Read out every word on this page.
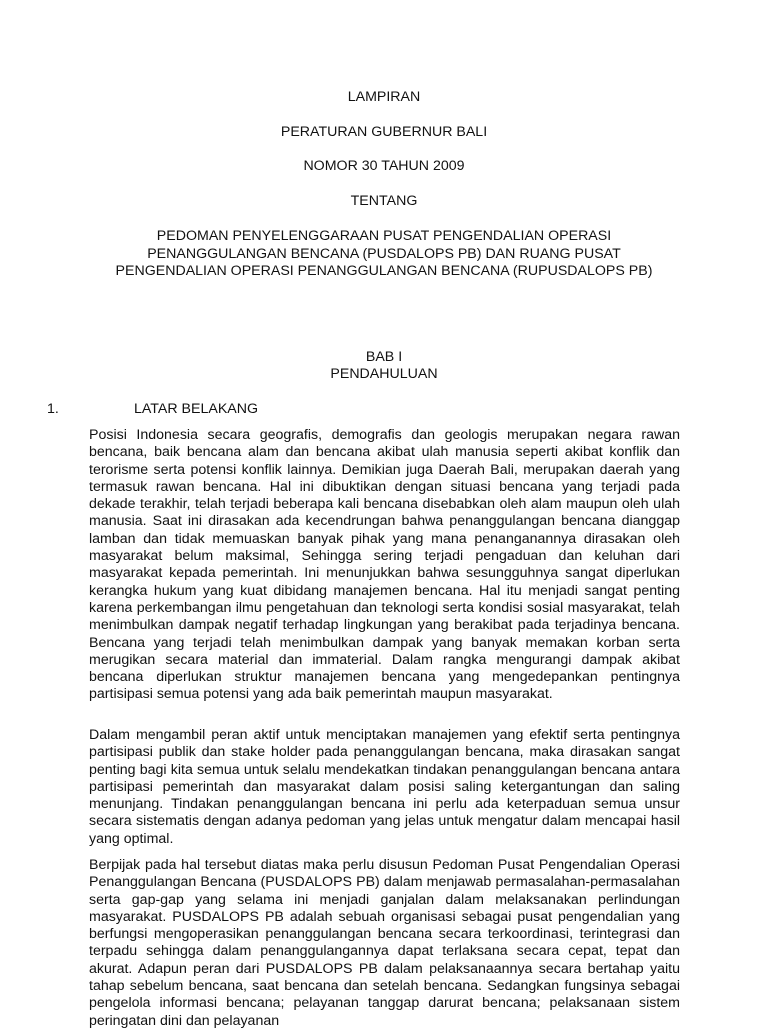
LAMPIRAN
PERATURAN GUBERNUR BALI
NOMOR 30 TAHUN 2009
TENTANG
PEDOMAN PENYELENGGARAAN PUSAT PENGENDALIAN OPERASI
PENANGGULANGAN BENCANA (PUSDALOPS PB) DAN RUANG PUSAT
PENGENDALIAN OPERASI PENANGGULANGAN BENCANA (RUPUSDALOPS PB)
BAB I
PENDAHULUAN
1.	LATAR BELAKANG

Posisi Indonesia secara geografis, demografis dan geologis merupakan negara rawan bencana, baik bencana alam dan bencana akibat ulah manusia seperti akibat konflik dan terorisme serta potensi konflik lainnya. Demikian juga Daerah Bali, merupakan daerah yang termasuk rawan bencana. Hal ini dibuktikan dengan situasi bencana yang terjadi pada dekade terakhir, telah terjadi beberapa kali bencana disebabkan oleh alam maupun oleh ulah manusia. Saat ini dirasakan ada kecendrungan bahwa penanggulangan bencana dianggap lamban dan tidak memuaskan banyak pihak yang mana penanganannya dirasakan oleh masyarakat belum maksimal, Sehingga sering terjadi pengaduan dan keluhan dari masyarakat kepada pemerintah. Ini menunjukkan bahwa sesungguhnya sangat diperlukan kerangka hukum yang kuat dibidang manajemen bencana. Hal itu menjadi sangat penting karena perkembangan ilmu pengetahuan dan teknologi serta kondisi sosial masyarakat, telah menimbulkan dampak negatif terhadap lingkungan yang berakibat pada terjadinya bencana. Bencana yang terjadi telah menimbulkan dampak yang banyak memakan korban serta merugikan secara material dan immaterial. Dalam rangka mengurangi dampak akibat bencana diperlukan struktur manajemen bencana yang mengedepankan pentingnya partisipasi semua potensi yang ada baik pemerintah maupun masyarakat.

Dalam mengambil peran aktif untuk menciptakan manajemen yang efektif serta pentingnya partisipasi publik dan stake holder pada penanggulangan bencana, maka dirasakan sangat penting bagi kita semua untuk selalu mendekatkan tindakan penanggulangan bencana antara partisipasi pemerintah dan masyarakat dalam posisi saling ketergantungan dan saling menunjang. Tindakan penanggulangan bencana ini perlu ada keterpaduan semua unsur secara sistematis dengan adanya pedoman yang jelas untuk mengatur dalam mencapai hasil yang optimal.

Berpijak pada hal tersebut diatas maka perlu disusun Pedoman Pusat Pengendalian Operasi Penanggulangan Bencana (PUSDALOPS PB) dalam menjawab permasalahan-permasalahan serta gap-gap yang selama ini menjadi ganjalan dalam melaksanakan perlindungan masyarakat. PUSDALOPS PB adalah sebuah organisasi sebagai pusat pengendalian yang berfungsi mengoperasikan penanggulangan bencana secara terkoordinasi, terintegrasi dan terpadu sehingga dalam penanggulangannya dapat terlaksana secara cepat, tepat dan akurat. Adapun peran dari PUSDALOPS PB dalam pelaksanaannya secara bertahap yaitu tahap sebelum bencana, saat bencana dan setelah bencana. Sedangkan fungsinya sebagai pengelola informasi bencana; pelayanan tanggap darurat bencana; pelaksanaan sistem peringatan dini dan pelayanan
